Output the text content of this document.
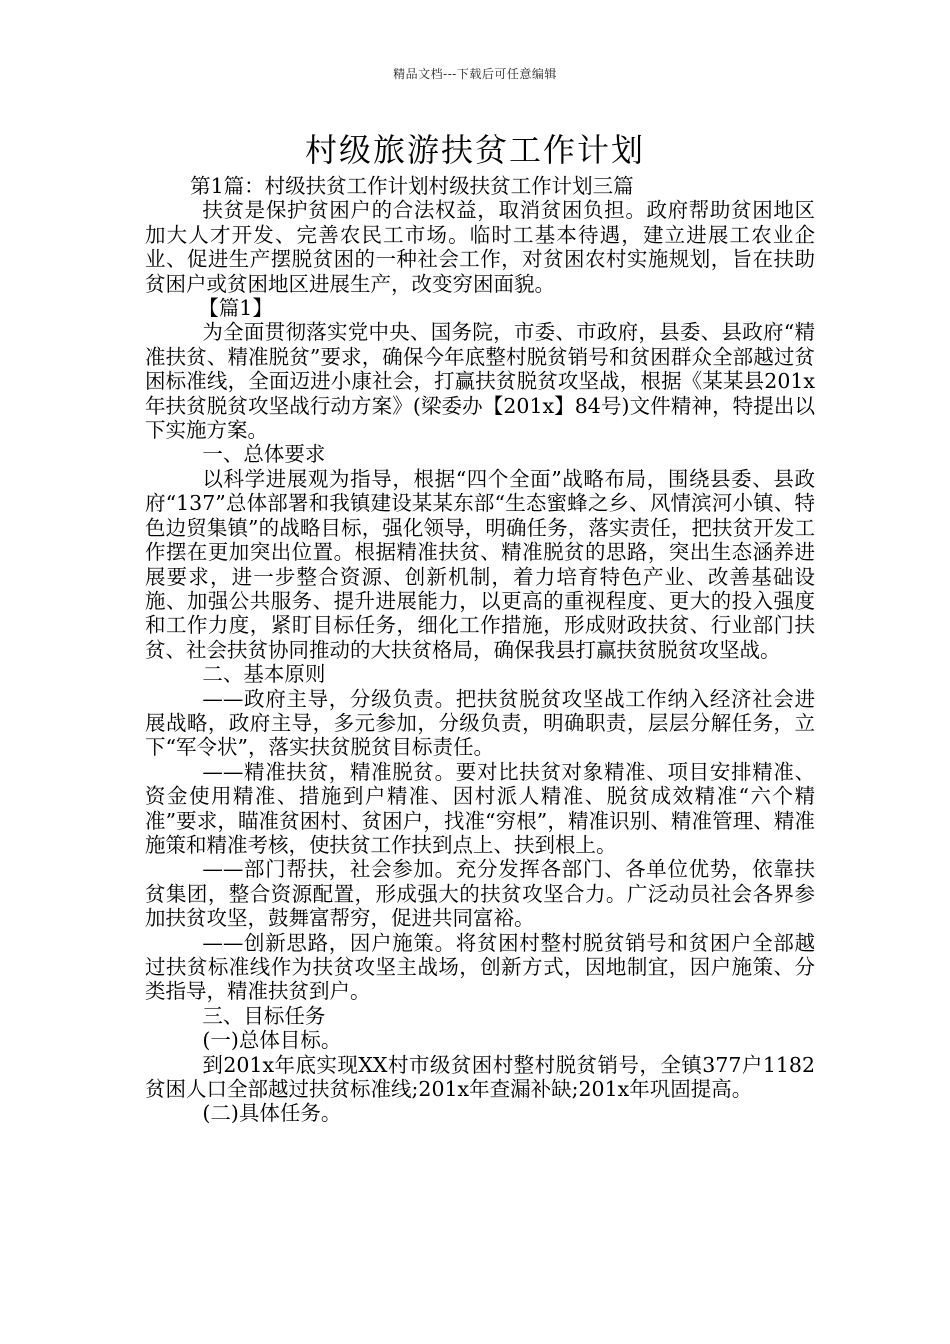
精品文档---下载后可任意编辑
村级旅游扶贫工作计划

第1篇：村级扶贫工作计划村级扶贫工作计划三篇

扶贫是保护贫困户的合法权益，取消贫困负担。政府帮助贫困地区加大人才开发、完善农民工市场。临时工基本待遇，建立进展工农业企业、促进生产摆脱贫困的一种社会工作，对贫困农村实施规划，旨在扶助贫困户或贫困地区进展生产，改变穷困面貌。

【篇1】

为全面贯彻落实党中央、国务院，市委、市政府，县委、县政府“精准扶贫、精准脱贫”要求，确保今年底整村脱贫销号和贫困群众全部越过贫困标准线，全面迈进小康社会，打赢扶贫脱贫攻坚战，根据《某某县201x年扶贫脱贫攻坚战行动方案》(梁委办【201x】84号)文件精神，特提出以下实施方案。

一、总体要求

以科学进展观为指导，根据“四个全面”战略布局，围绕县委、县政府“137”总体部署和我镇建设某某东部“生态蜜蜂之乡、风情滨河小镇、特色边贸集镇”的战略目标，强化领导，明确任务，落实责任，把扶贫开发工作摆在更加突出位置。根据精准扶贫、精准脱贫的思路，突出生态涵养进展要求，进一步整合资源、创新机制，着力培育特色产业、改善基础设施、加强公共服务、提升进展能力，以更高的重视程度、更大的投入强度和工作力度，紧盯目标任务，细化工作措施，形成财政扶贫、行业部门扶贫、社会扶贫协同推动的大扶贫格局，确保我县打赢扶贫脱贫攻坚战。

二、基本原则

——政府主导，分级负责。把扶贫脱贫攻坚战工作纳入经济社会进展战略，政府主导，多元参加，分级负责，明确职责，层层分解任务，立下“军令状”，落实扶贫脱贫目标责任。

——精准扶贫，精准脱贫。要对比扶贫对象精准、项目安排精准、资金使用精准、措施到户精准、因村派人精准、脱贫成效精准“六个精准”要求，瞄准贫困村、贫困户，找准“穷根”，精准识别、精准管理、精准施策和精准考核，使扶贫工作扶到点上、扶到根上。

——部门帮扶，社会参加。充分发挥各部门、各单位优势，依靠扶贫集团，整合资源配置，形成强大的扶贫攻坚合力。广泛动员社会各界参加扶贫攻坚，鼓舞富帮穷，促进共同富裕。

——创新思路，因户施策。将贫困村整村脱贫销号和贫困户全部越过扶贫标准线作为扶贫攻坚主战场，创新方式，因地制宜，因户施策、分类指导，精准扶贫到户。

三、目标任务

(一)总体目标。

到201x年底实现XX村市级贫困村整村脱贫销号，全镇377户1182贫困人口全部越过扶贫标准线;201x年查漏补缺;201x年巩固提高。

(二)具体任务。
